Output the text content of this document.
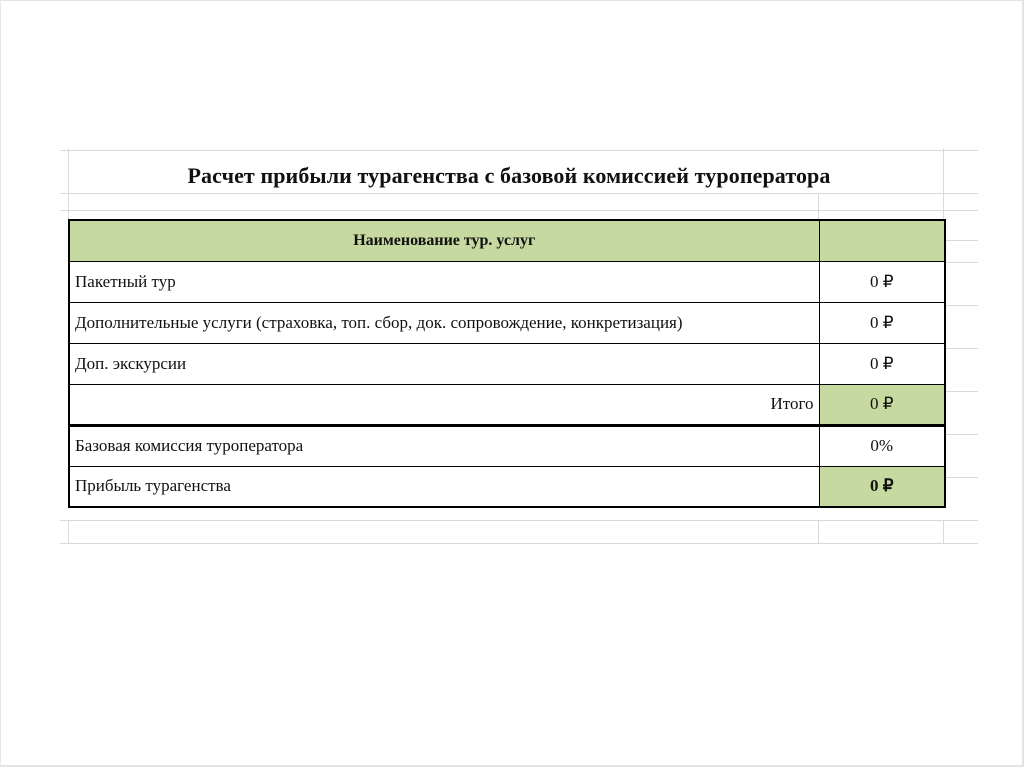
Расчет прибыли турагенства с базовой комиссией туроператора
Наименование тур. услуг	
Пакетный тур	0 ₽
Дополнительные услуги (страховка, топ. сбор, док. сопровождение, конкретизация)	0 ₽
Доп. экскурсии	0 ₽
Итого	0 ₽
Базовая комиссия туроператора	0%
Прибыль турагенства	0 ₽
